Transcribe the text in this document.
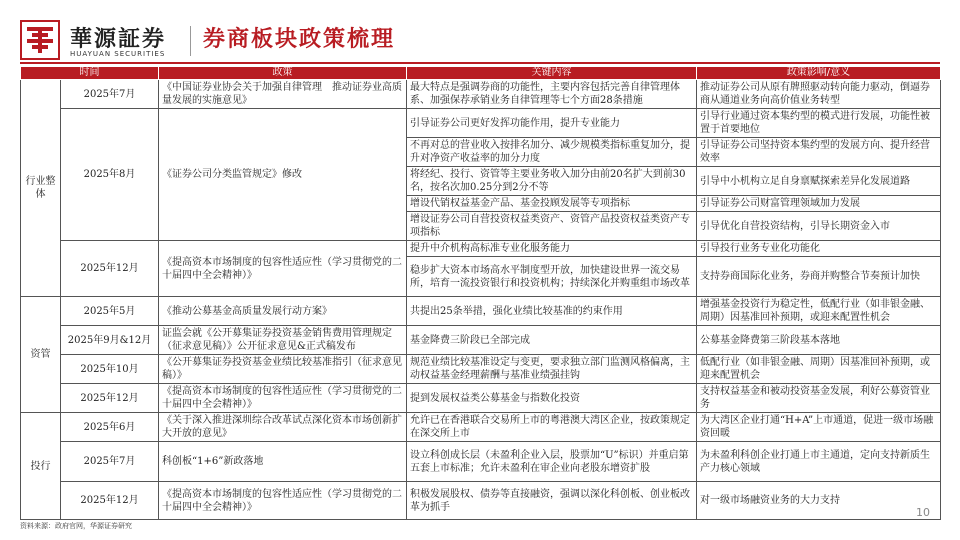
華源証券
HUAYUAN SECURITIES
券商板块政策梳理
时间		政策	关键内容	政策影响/意义
行业整体	2025年7月	《中国证券业协会关于加强自律管理　推动证券业高质量发展的实施意见》	最大特点是强调券商的功能性，主要内容包括完善自律管理体系、加强保荐承销业务自律管理等七个方面28条措施	推动证券公司从原有牌照驱动转向能力驱动，倒逼券商从通道业务向高价值业务转型
	2025年8月	《证券公司分类监管规定》修改	引导证券公司更好发挥功能作用，提升专业能力	引导行业通过资本集约型的模式进行发展，功能性被置于首要地位
			不再对总的营业收入按排名加分、减少规模类指标重复加分，提升对净资产收益率的加分力度	引导证券公司坚持资本集约型的发展方向、提升经营效率
			将经纪、投行、资管等主要业务收入加分由前20名扩大到前30名，按名次加0.25分到2分不等	引导中小机构立足自身禀赋探索差异化发展道路
			增设代销权益基金产品、基金投顾发展等专项指标	引导证券公司财富管理领域加力发展
			增设证券公司自营投资权益类资产、资管产品投资权益类资产专项指标	引导优化自营投资结构，引导长期资金入市
	2025年12月	《提高资本市场制度的包容性适应性（学习贯彻党的二十届四中全会精神）》	提升中介机构高标准专业化服务能力	引导投行业务专业化功能化
			稳步扩大资本市场高水平制度型开放，加快建设世界一流交易所，培育一流投资银行和投资机构；持续深化并购重组市场改革	支持券商国际化业务，券商并购整合节奏预计加快
资管	2025年5月	《推动公募基金高质量发展行动方案》	共提出25条举措，强化业绩比较基准的约束作用	增强基金投资行为稳定性，低配行业（如非银金融、周期）因基准回补预期，或迎来配置性机会
	2025年9月&12月	证监会就《公开募集证券投资基金销售费用管理规定（征求意见稿）》公开征求意见&正式稿发布	基金降费三阶段已全部完成	公募基金降费第三阶段基本落地
	2025年10月	《公开募集证券投资基金业绩比较基准指引（征求意见稿）》	规范业绩比较基准设定与变更，要求独立部门监测风格偏离，主动权益基金经理薪酬与基准业绩强挂钩	低配行业（如非银金融、周期）因基准回补预期，或迎来配置机会
	2025年12月	《提高资本市场制度的包容性适应性（学习贯彻党的二十届四中全会精神）》	提到发展权益类公募基金与指数化投资	支持权益基金和被动投资基金发展，利好公募资管业务
投行	2025年6月	《关于深入推进深圳综合改革试点深化资本市场创新扩大开放的意见》	允许已在香港联合交易所上市的粤港澳大湾区企业，按政策规定在深交所上市	为大湾区企业打通“H+A”上市通道，促进一级市场融资回暖
	2025年7月	科创板“1+6”新政落地	设立科创成长层（未盈利企业入层，股票加“U”标识）并重启第五套上市标准；允许未盈利在审企业向老股东增资扩股	为未盈利科创企业打通上市主通道，定向支持新质生产力核心领域
	2025年12月	《提高资本市场制度的包容性适应性（学习贯彻党的二十届四中全会精神）》	积极发展股权、债券等直接融资，强调以深化科创板、创业板改革为抓手	对一级市场融资业务的大力支持
资料来源：政府官网，华源证券研究
10
